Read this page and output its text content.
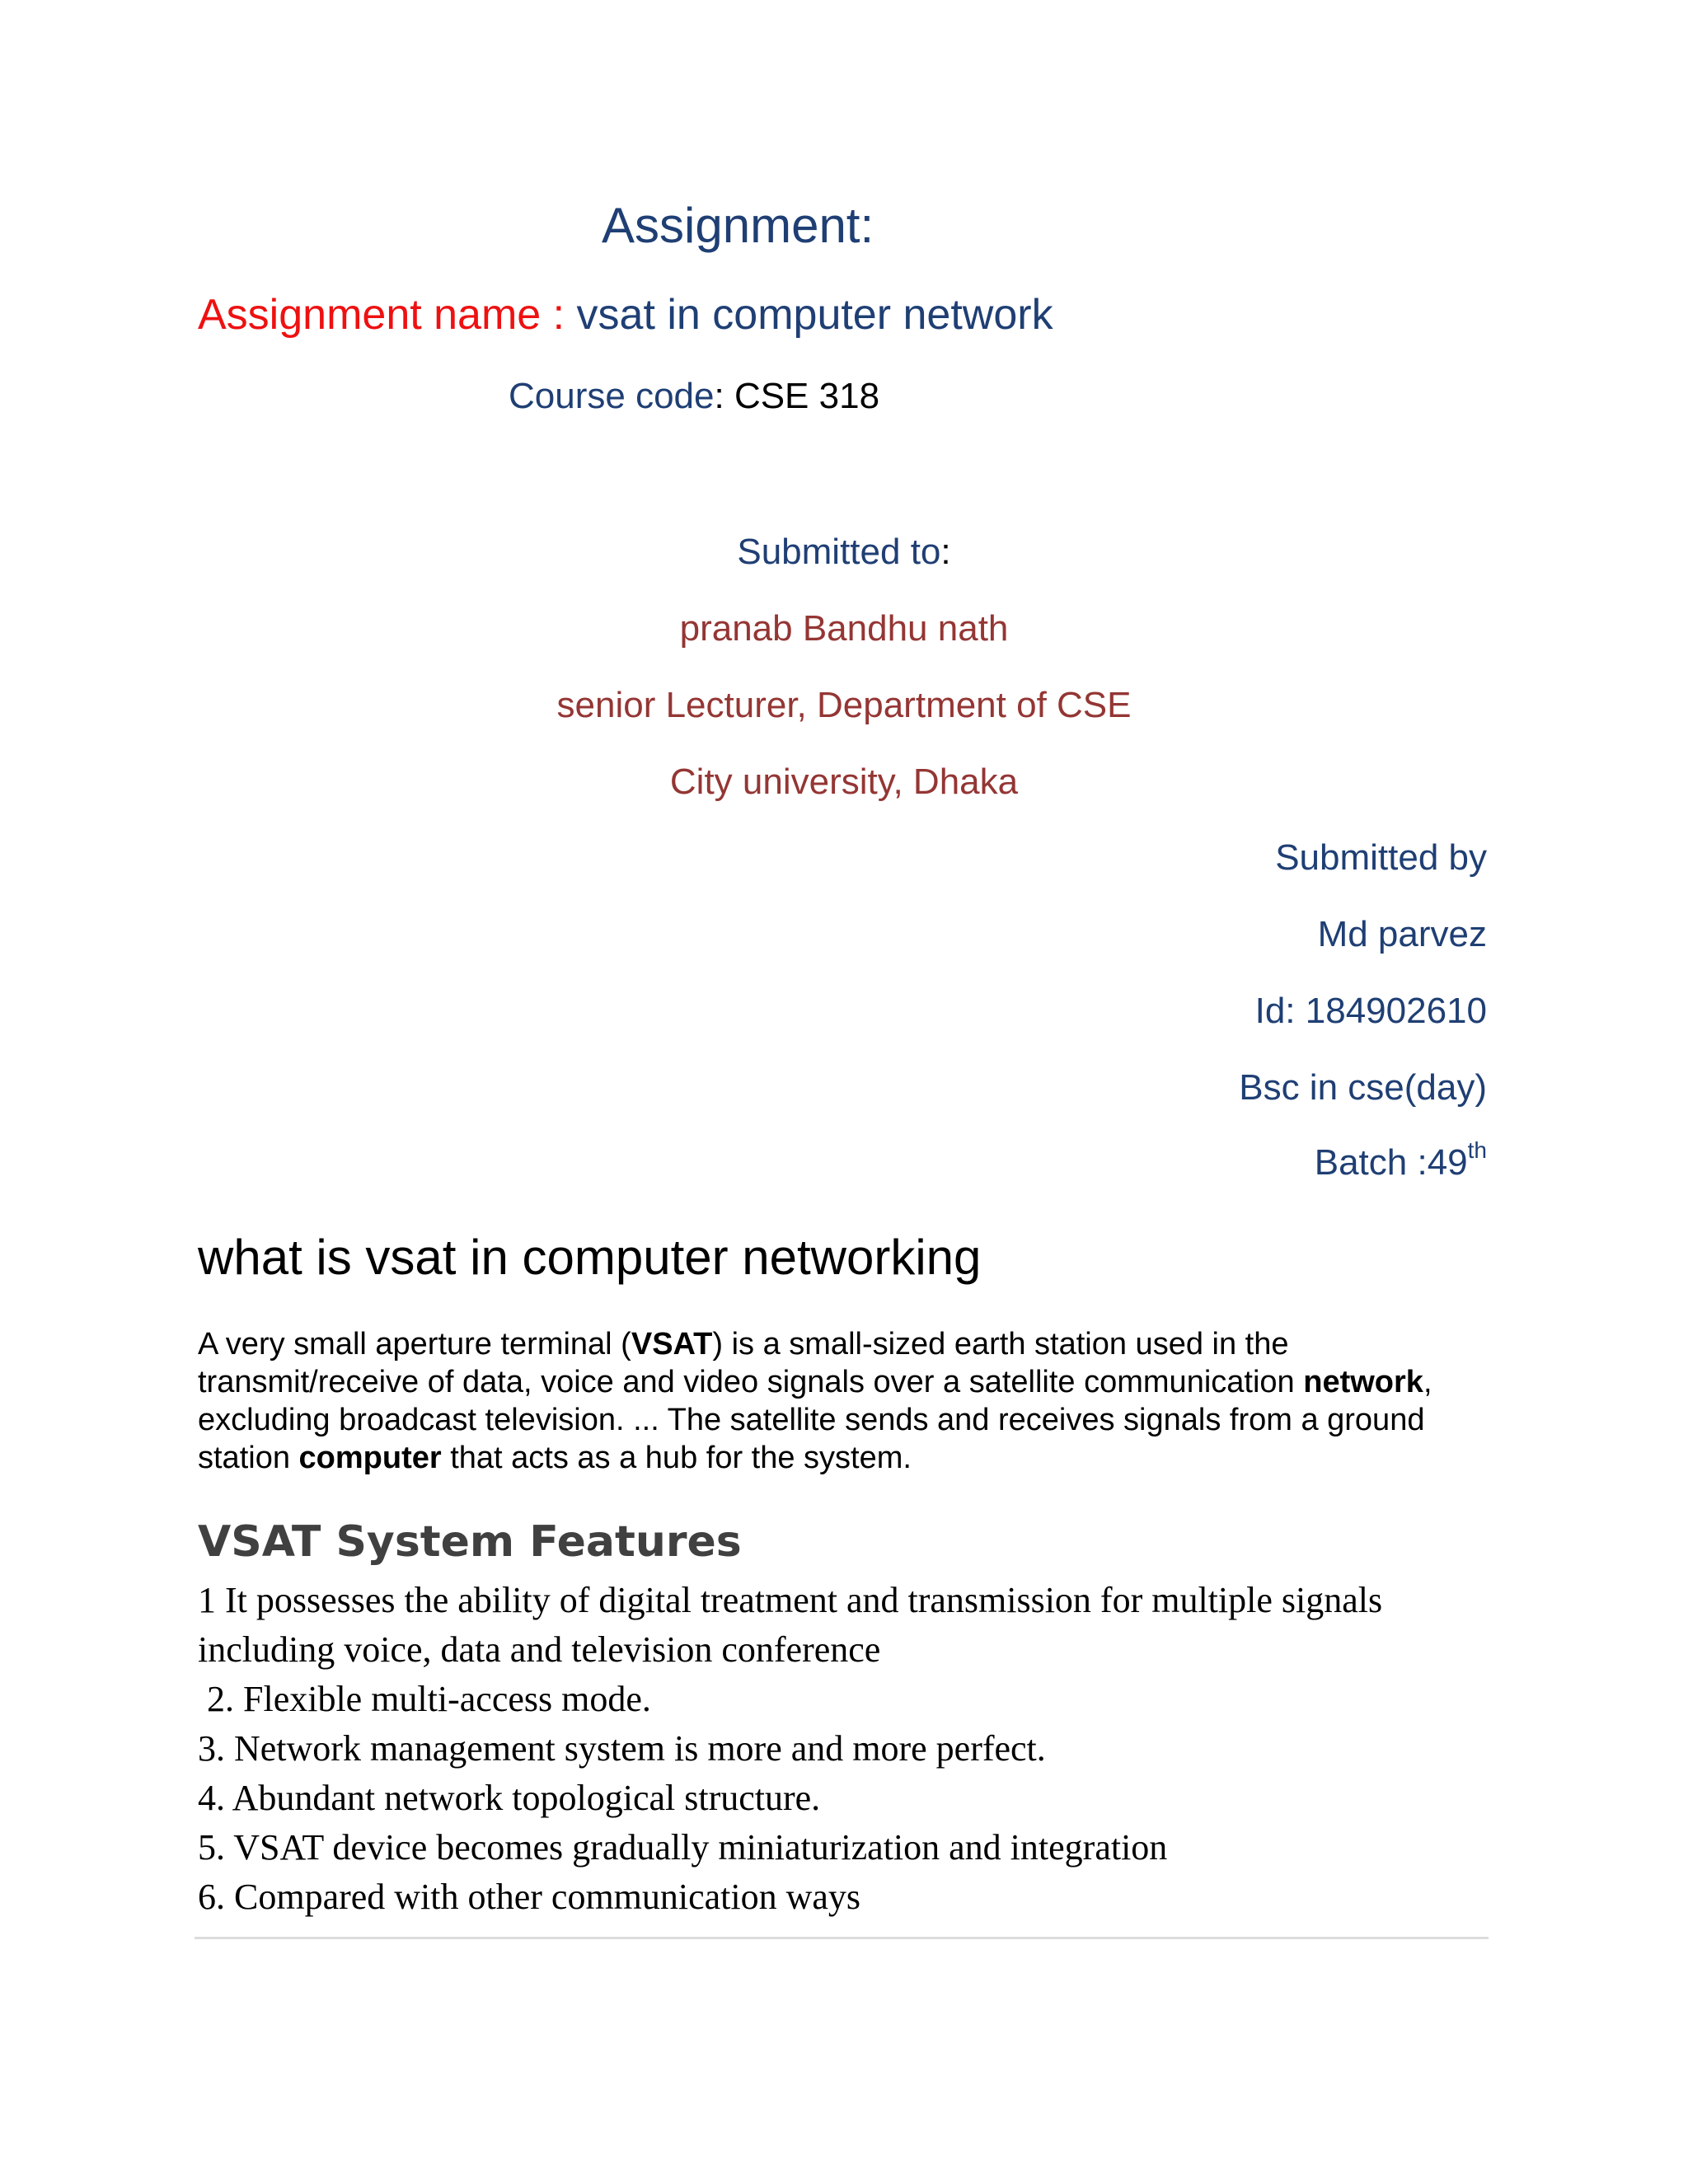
Assignment:
Assignment name : vsat in computer network
Course code: CSE 318
Submitted to:
pranab Bandhu nath
senior Lecturer, Department of CSE
City university, Dhaka
Submitted by
Md parvez
Id: 184902610
Bsc in cse(day)
Batch :49th
what is vsat in computer networking

A very small aperture terminal (VSAT) is a small-sized earth station used in the transmit/receive of data, voice and video signals over a satellite communication network, excluding broadcast television. ... The satellite sends and receives signals from a ground station computer that acts as a hub for the system.

VSAT System Features
1 It possesses the ability of digital treatment and transmission for multiple signals including voice, data and television conference
2. Flexible multi-access mode.
3. Network management system is more and more perfect.
4. Abundant network topological structure.
5. VSAT device becomes gradually miniaturization and integration
6. Compared with other communication ways
